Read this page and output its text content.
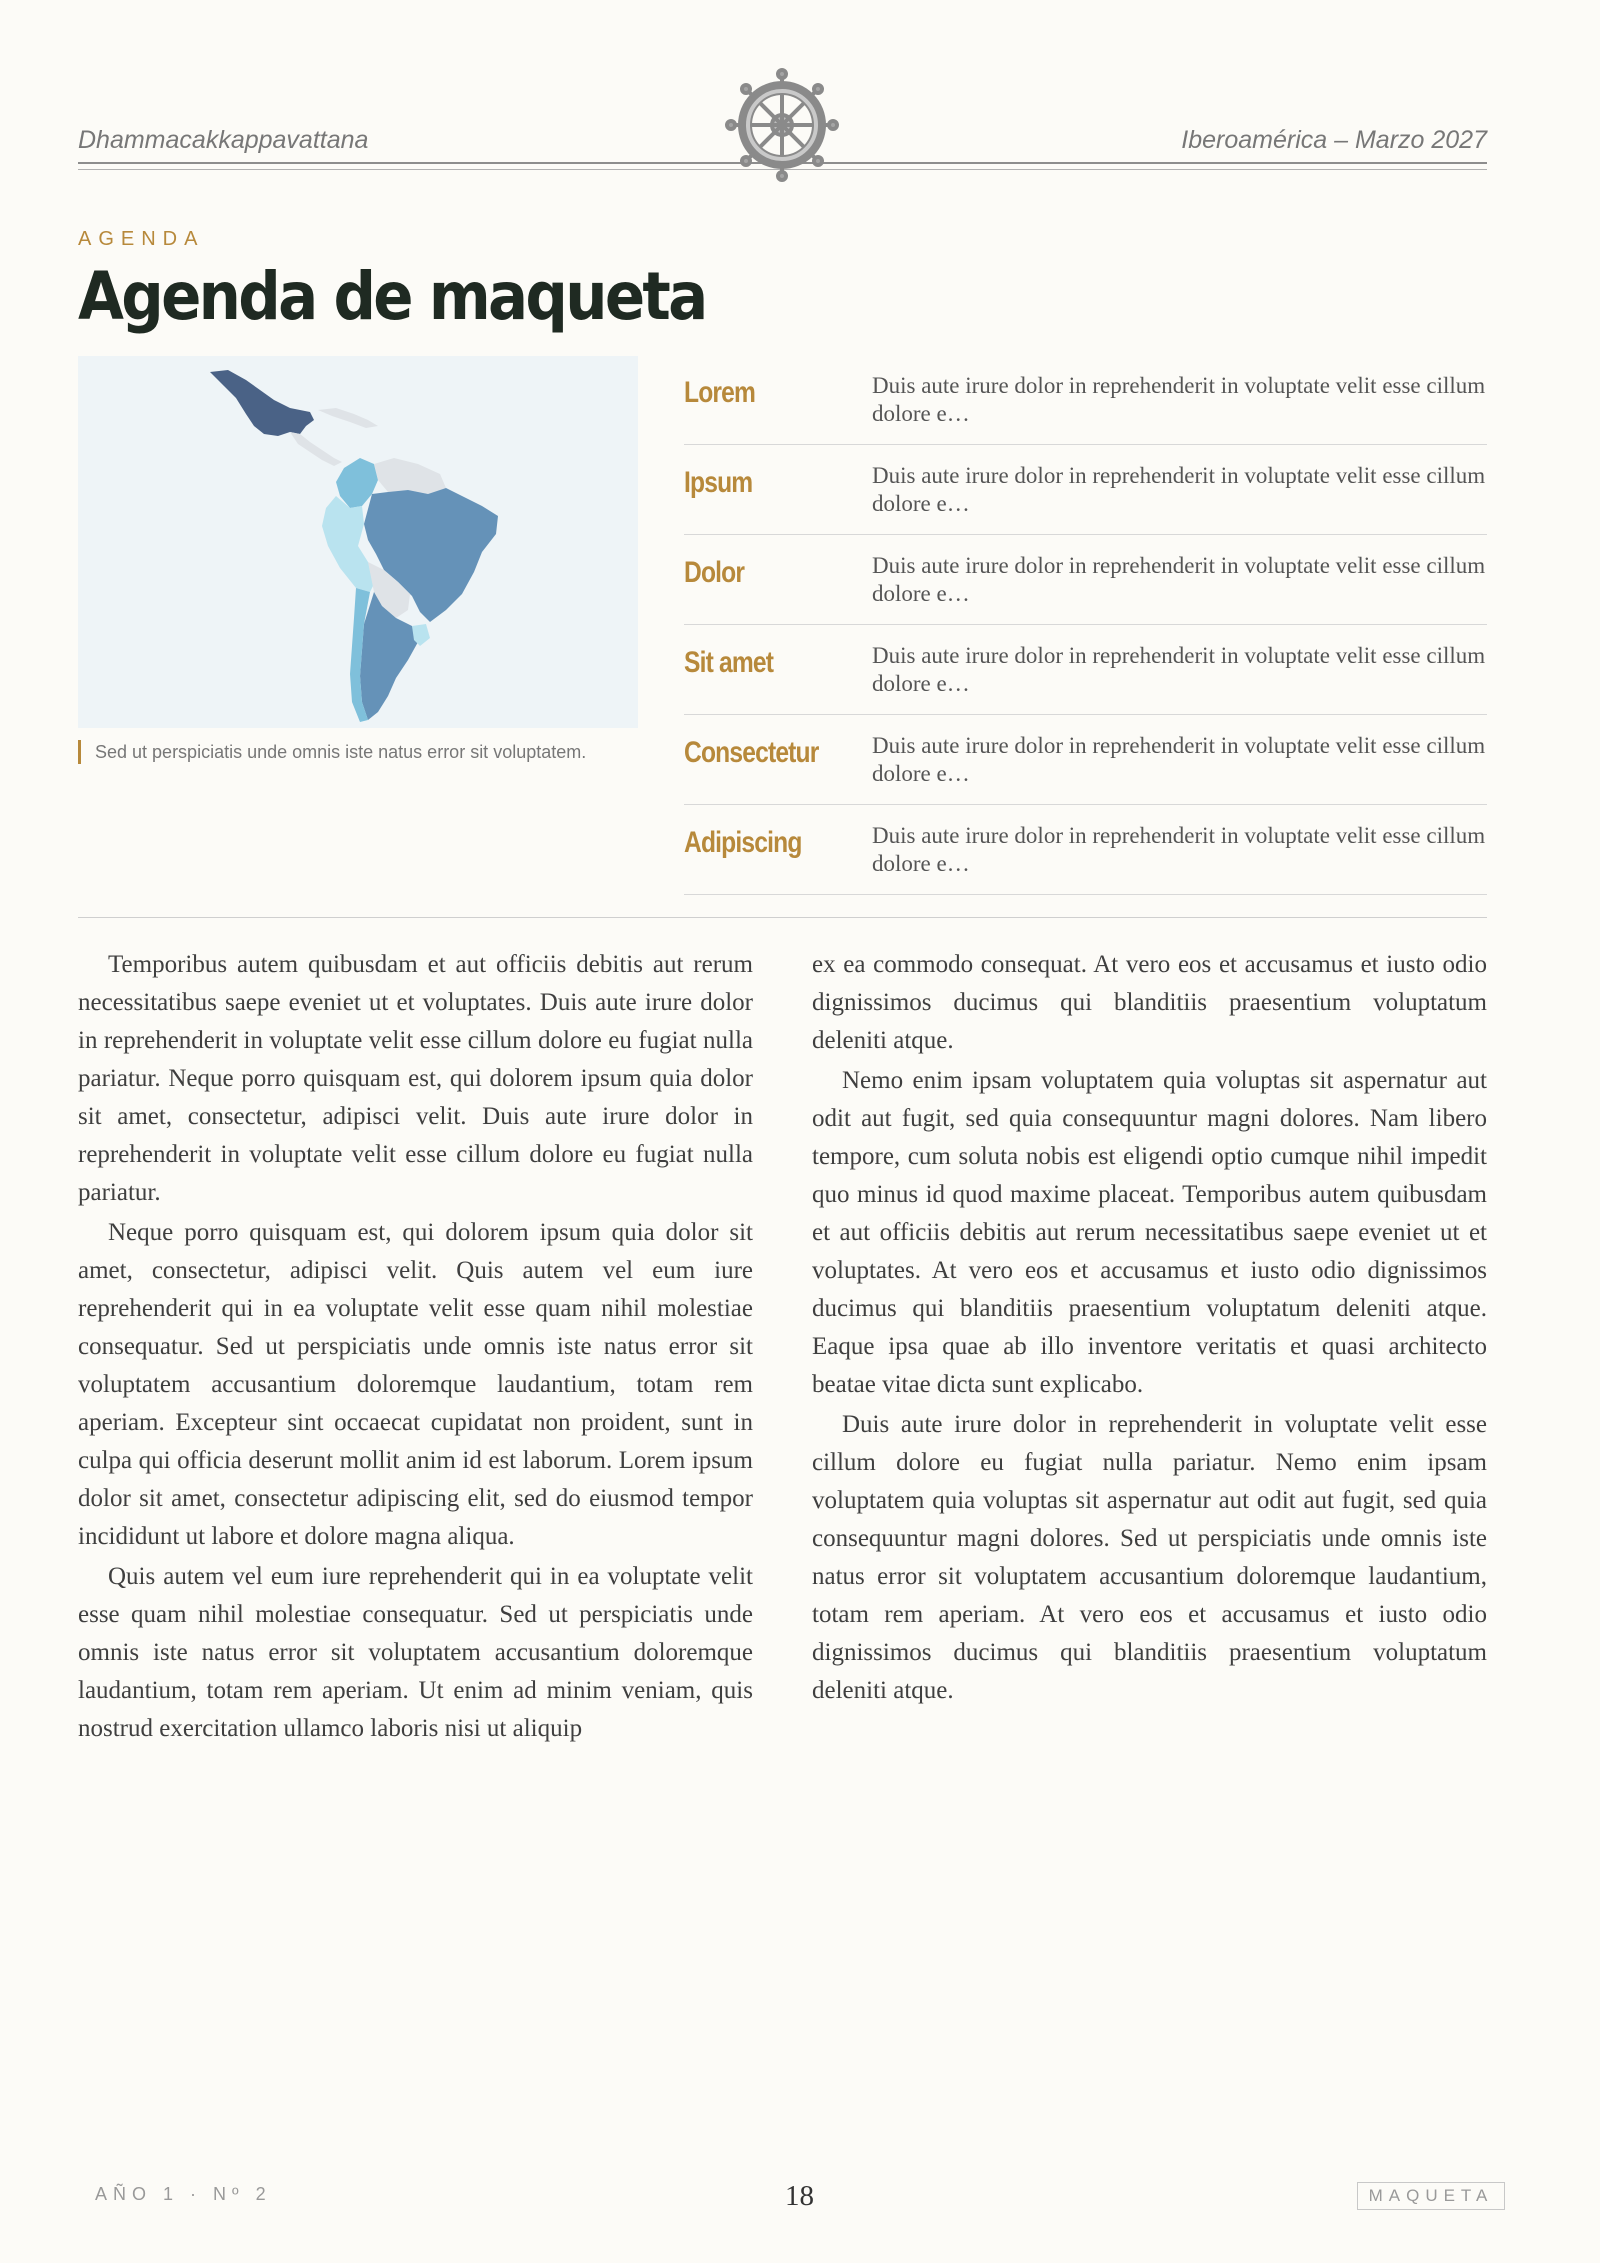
Dhammacakkappavattana	Iberoamérica – Marzo 2027
AGENDA
Agenda de maqueta
Sed ut perspiciatis unde omnis iste natus error sit voluptatem.
Lorem	Duis aute irure dolor in reprehenderit in voluptate velit esse cillum dolore e…
Ipsum	Duis aute irure dolor in reprehenderit in voluptate velit esse cillum dolore e…
Dolor	Duis aute irure dolor in reprehenderit in voluptate velit esse cillum dolore e…
Sit amet	Duis aute irure dolor in reprehenderit in voluptate velit esse cillum dolore e…
Consectetur Duis aute irure dolor in reprehenderit in voluptate velit esse cillum dolore e…
Adipiscing	Duis aute irure dolor in reprehenderit in voluptate velit esse cillum dolore e…

Temporibus autem quibusdam et aut officiis debitis aut rerum necessitatibus saepe eveniet ut et voluptates. Duis aute irure dolor in reprehenderit in voluptate velit esse cillum dolore eu fugiat nulla pariatur. Neque porro quisquam est, qui dolorem ipsum quia dolor sit amet, consectetur, adipisci velit. Duis aute irure dolor in reprehenderit in voluptate velit esse cillum dolore eu fugiat nulla pariatur.

Neque porro quisquam est, qui dolorem ipsum quia dolor sit amet, consectetur, adipisci velit. Quis autem vel eum iure reprehenderit qui in ea voluptate velit esse quam nihil molestiae consequatur. Sed ut perspiciatis unde omnis iste natus error sit voluptatem accusantium doloremque laudantium, totam rem aperiam. Excepteur sint occaecat cupidatat non proident, sunt in culpa qui officia deserunt mollit anim id est laborum. Lorem ipsum dolor sit amet, consectetur adipiscing elit, sed do eiusmod tempor incididunt ut labore et dolore magna aliqua.

Quis autem vel eum iure reprehenderit qui in ea voluptate velit esse quam nihil molestiae consequatur. Sed ut perspiciatis unde omnis iste natus error sit voluptatem accusantium doloremque laudantium, totam rem aperiam. Ut enim ad minim veniam, quis nostrud exercitation ullamco laboris nisi ut aliquip

ex ea commodo consequat. At vero eos et accusamus et iusto odio dignissimos ducimus qui blanditiis praesentium voluptatum deleniti atque.

Nemo enim ipsam voluptatem quia voluptas sit aspernatur aut odit aut fugit, sed quia consequuntur magni dolores. Nam libero tempore, cum soluta nobis est eligendi optio cumque nihil impedit quo minus id quod maxime placeat. Temporibus autem quibusdam et aut officiis debitis aut rerum necessitatibus saepe eveniet ut et voluptates. At vero eos et accusamus et iusto odio dignissimos ducimus qui blanditiis praesentium voluptatum deleniti atque. Eaque ipsa quae ab illo inventore veritatis et quasi architecto beatae vitae dicta sunt explicabo.

Duis aute irure dolor in reprehenderit in voluptate velit esse cillum dolore eu fugiat nulla pariatur. Nemo enim ipsam voluptatem quia voluptas sit aspernatur aut odit aut fugit, sed quia consequuntur magni dolores. Sed ut perspiciatis unde omnis iste natus error sit voluptatem accusantium doloremque laudantium, totam rem aperiam. At vero eos et accusamus et iusto odio dignissimos ducimus qui blanditiis praesentium voluptatum deleniti atque.

AÑO 1 · Nº 2	18	MAQUETA
